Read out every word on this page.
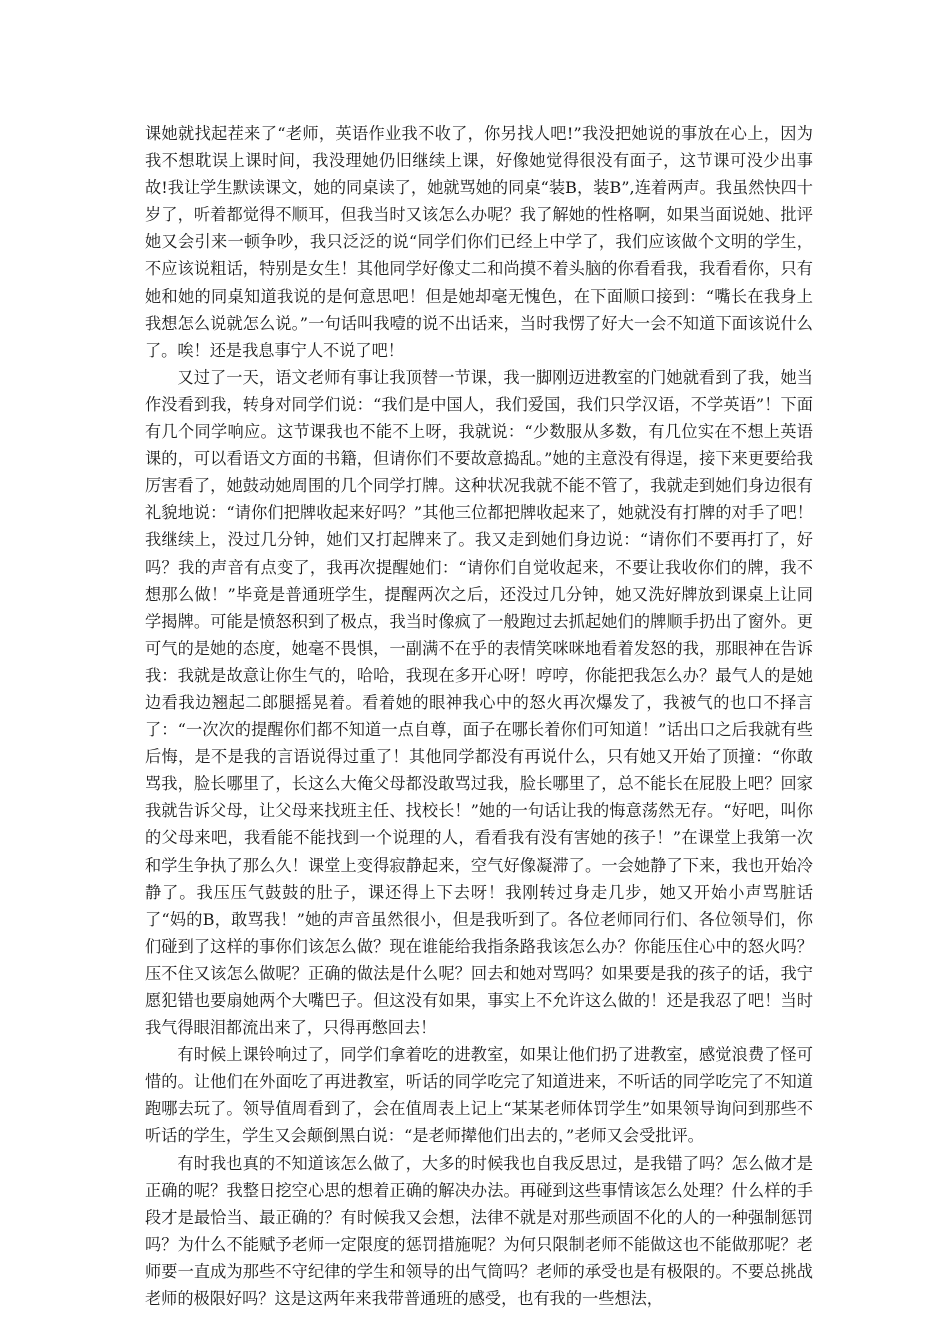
课她就找起茬来了“老师，英语作业我不收了，你另找人吧!”我没把她说的事放在心上，因为我不想耽误上课时间，我没理她仍旧继续上课，好像她觉得很没有面子，这节课可没少出事故!我让学生默读课文，她的同桌读了，她就骂她的同桌“装B，装B”,连着两声。我虽然快四十岁了，听着都觉得不顺耳，但我当时又该怎么办呢？我了解她的性格啊，如果当面说她、批评她又会引来一顿争吵，我只泛泛的说“同学们你们已经上中学了，我们应该做个文明的学生，不应该说粗话，特别是女生！其他同学好像丈二和尚摸不着头脑的你看看我，我看看你，只有她和她的同桌知道我说的是何意思吧！但是她却毫无愧色，在下面顺口接到：“嘴长在我身上我想怎么说就怎么说。”一句话叫我噎的说不出话来，当时我愣了好大一会不知道下面该说什么了。唉！还是我息事宁人不说了吧！

又过了一天，语文老师有事让我顶替一节课，我一脚刚迈进教室的门她就看到了我，她当作没看到我，转身对同学们说：“我们是中国人，我们爱国，我们只学汉语，不学英语”！下面有几个同学响应。这节课我也不能不上呀，我就说：“少数服从多数，有几位实在不想上英语课的，可以看语文方面的书籍，但请你们不要故意捣乱。”她的主意没有得逞，接下来更要给我厉害看了，她鼓动她周围的几个同学打牌。这种状况我就不能不管了，我就走到她们身边很有礼貌地说：“请你们把牌收起来好吗？”其他三位都把牌收起来了，她就没有打牌的对手了吧！我继续上，没过几分钟，她们又打起牌来了。我又走到她们身边说：“请你们不要再打了，好吗？我的声音有点变了，我再次提醒她们：“请你们自觉收起来，不要让我收你们的牌，我不想那么做！”毕竟是普通班学生，提醒两次之后，还没过几分钟，她又洗好牌放到课桌上让同学揭牌。可能是愤怒积到了极点，我当时像疯了一般跑过去抓起她们的牌顺手扔出了窗外。更可气的是她的态度，她毫不畏惧，一副满不在乎的表情笑咪咪地看着发怒的我，那眼神在告诉我：我就是故意让你生气的，哈哈，我现在多开心呀！哼哼，你能把我怎么办？最气人的是她边看我边翘起二郎腿摇晃着。看着她的眼神我心中的怒火再次爆发了，我被气的也口不择言了：“一次次的提醒你们都不知道一点自尊，面子在哪长着你们可知道！”话出口之后我就有些后悔，是不是我的言语说得过重了！其他同学都没有再说什么，只有她又开始了顶撞：“你敢骂我，脸长哪里了，长这么大俺父母都没敢骂过我，脸长哪里了，总不能长在屁股上吧？回家我就告诉父母，让父母来找班主任、找校长！”她的一句话让我的悔意荡然无存。“好吧，叫你的父母来吧，我看能不能找到一个说理的人，看看我有没有害她的孩子！”在课堂上我第一次和学生争执了那么久！课堂上变得寂静起来，空气好像凝滞了。一会她静了下来，我也开始冷静了。我压压气鼓鼓的肚子，课还得上下去呀！我刚转过身走几步，她又开始小声骂脏话了“妈的B，敢骂我！”她的声音虽然很小，但是我听到了。各位老师同行们、各位领导们，你们碰到了这样的事你们该怎么做？现在谁能给我指条路我该怎么办？你能压住心中的怒火吗？压不住又该怎么做呢？正确的做法是什么呢？回去和她对骂吗？如果要是我的孩子的话，我宁愿犯错也要扇她两个大嘴巴子。但这没有如果，事实上不允许这么做的！还是我忍了吧！当时我气得眼泪都流出来了，只得再憋回去！

有时候上课铃响过了，同学们拿着吃的进教室，如果让他们扔了进教室，感觉浪费了怪可惜的。让他们在外面吃了再进教室，听话的同学吃完了知道进来，不听话的同学吃完了不知道跑哪去玩了。领导值周看到了，会在值周表上记上“某某老师体罚学生”如果领导询问到那些不听话的学生，学生又会颠倒黑白说：“是老师撵他们出去的，”老师又会受批评。

有时我也真的不知道该怎么做了，大多的时候我也自我反思过，是我错了吗？怎么做才是正确的呢？我整日挖空心思的想着正确的解决办法。再碰到这些事情该怎么处理？什么样的手段才是最恰当、最正确的？有时候我又会想，法律不就是对那些顽固不化的人的一种强制惩罚吗？为什么不能赋予老师一定限度的惩罚措施呢？为何只限制老师不能做这也不能做那呢？老师要一直成为那些不守纪律的学生和领导的出气筒吗？老师的承受也是有极限的。不要总挑战老师的极限好吗？这是这两年来我带普通班的感受，也有我的一些想法，
